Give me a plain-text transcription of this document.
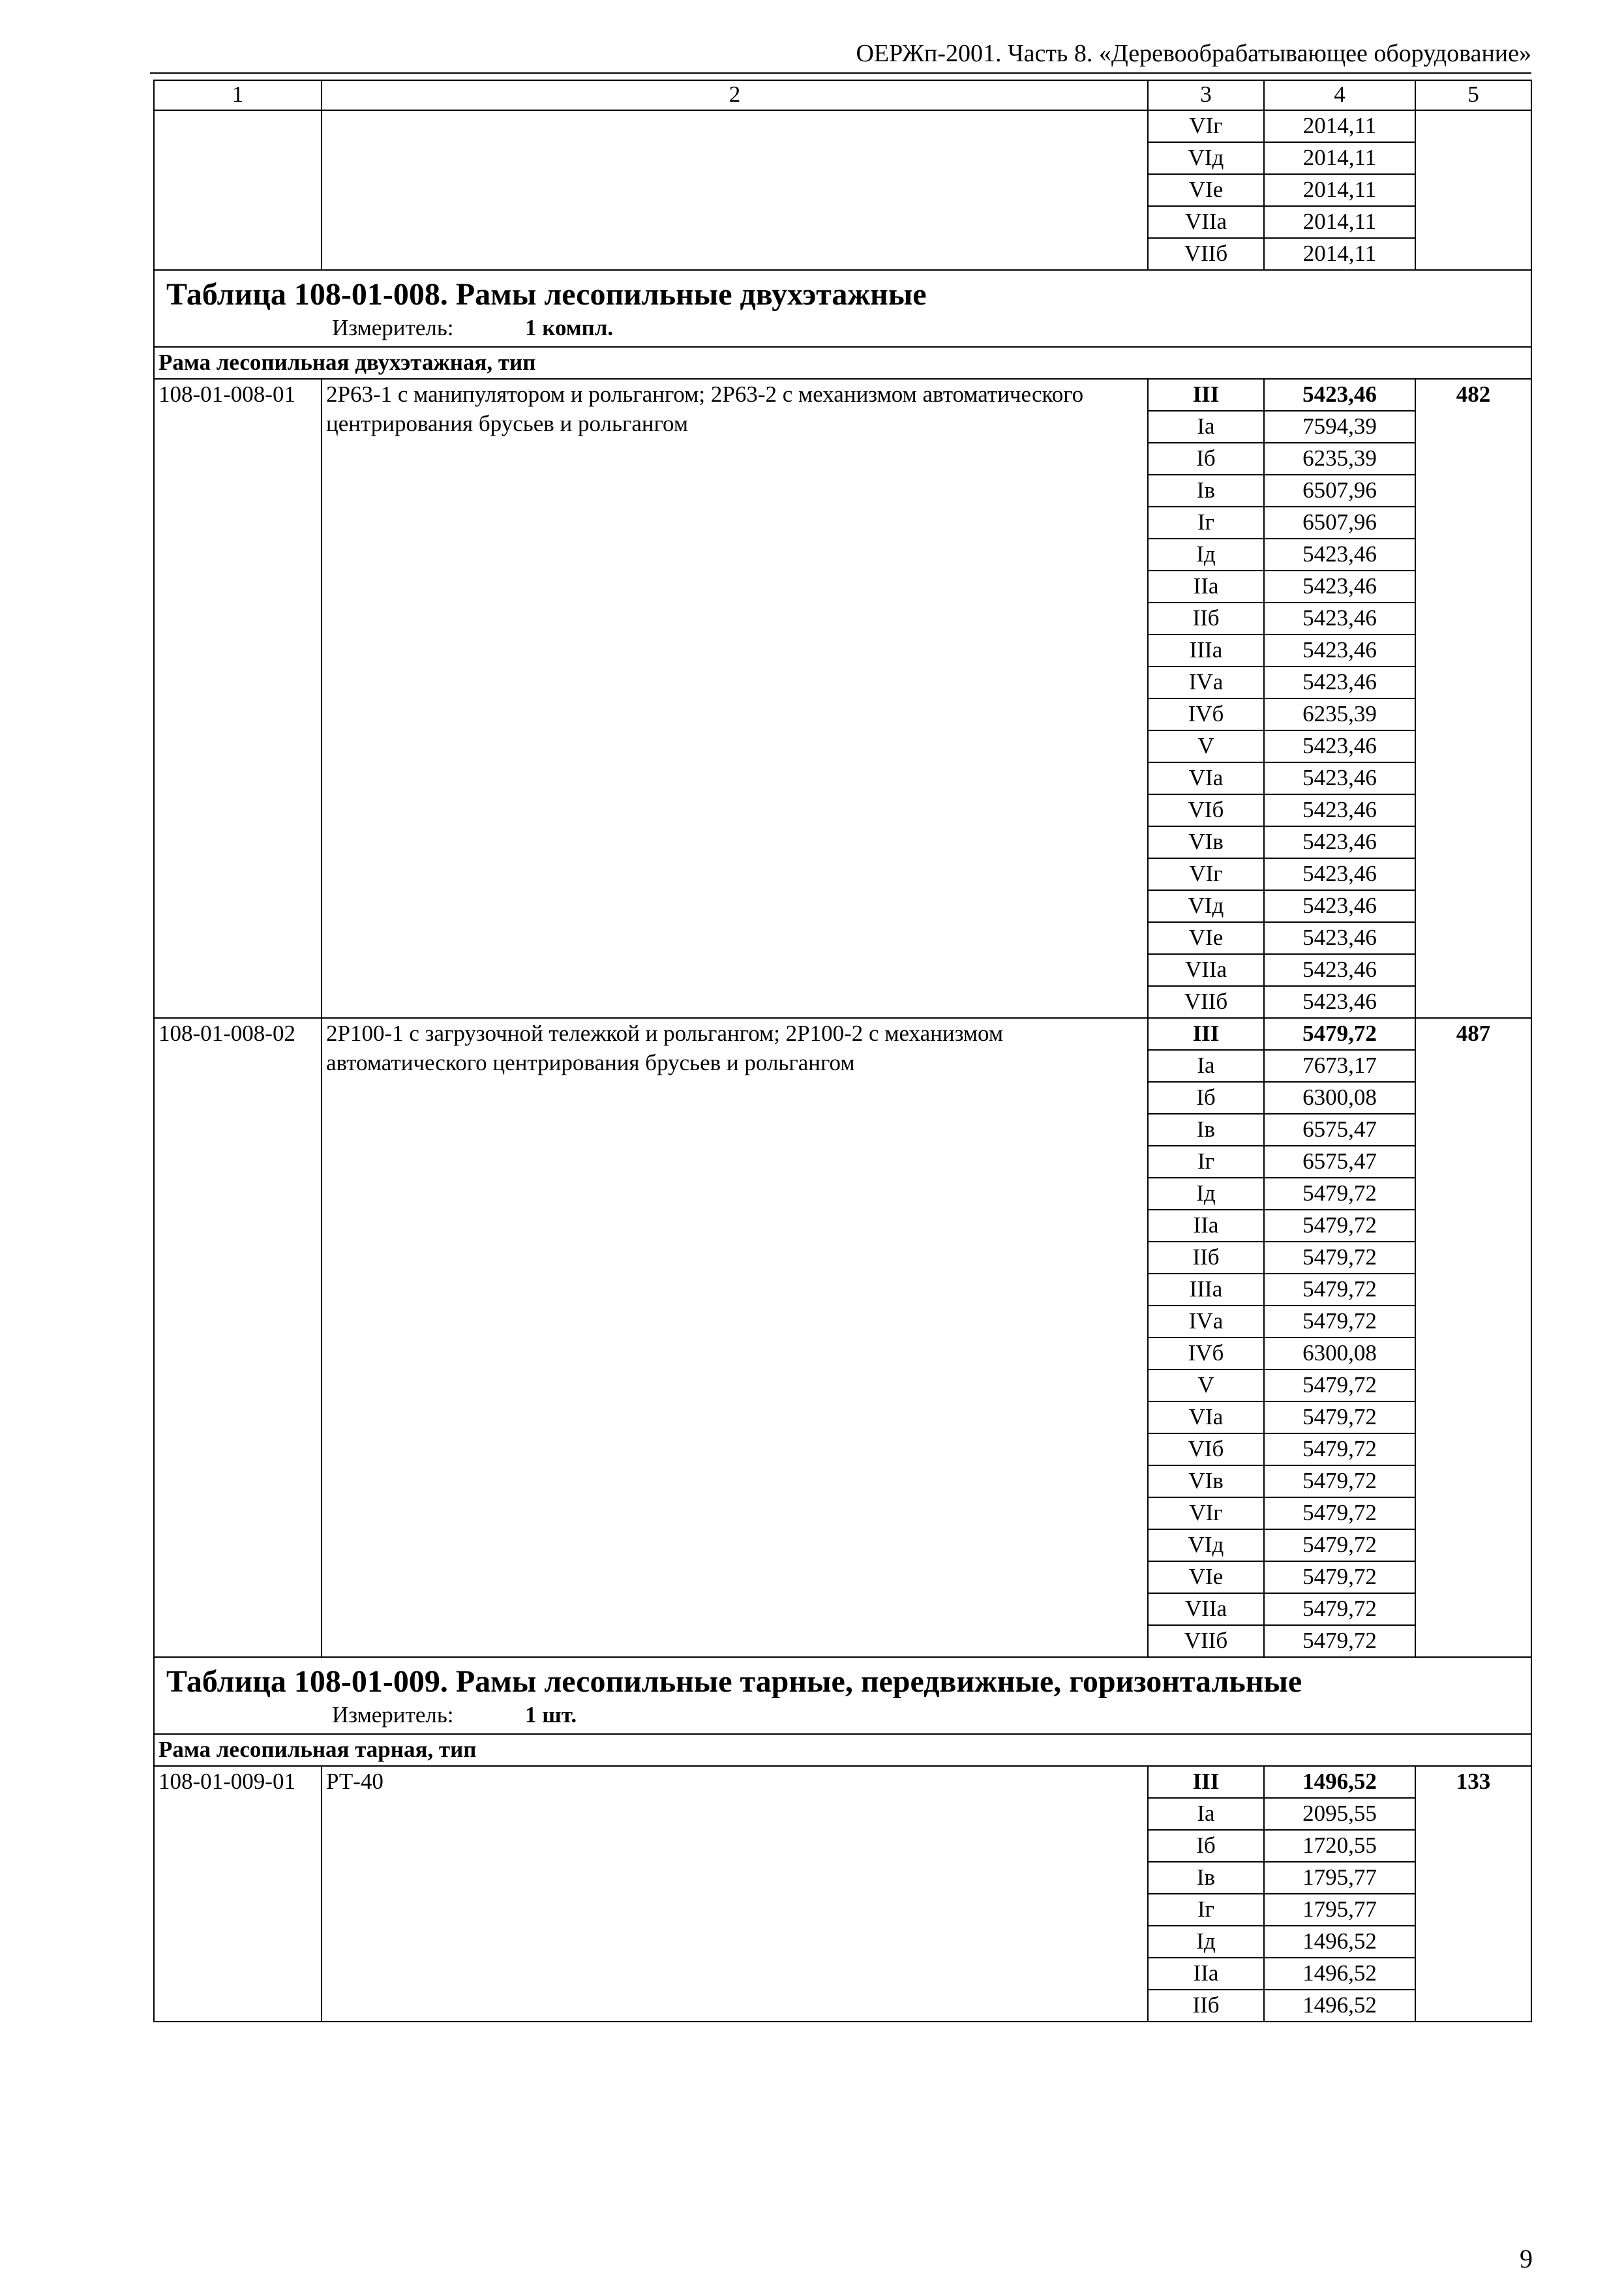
ОЕРЖп-2001. Часть 8. «Деревообрабатывающее оборудование»
1	2	3	4	5
		VIг	2014,11	
		VIд	2014,11	
		VIе	2014,11	
		VIIа	2014,11	
		VIIб	2014,11	

Таблица 108-01-008. Рамы лесопильные двухэтажные
Измеритель: 1 компл.				

Рама лесопильная двухэтажная, тип				
108-01-008-01	2Р63-1 с манипулятором и рольгангом; 2Р63-2 с механизмом автоматического центрирования брусьев и рольгангом	III	5423,46	482
		Iа	7594,39	
		Iб	6235,39	
		Iв	6507,96	
		Iг	6507,96	
		Iд	5423,46	
		IIа	5423,46	
		IIб	5423,46	
		IIIа	5423,46	
		IVа	5423,46	
		IVб	6235,39	
		V	5423,46	
		VIа	5423,46	
		VIб	5423,46	
		VIв	5423,46	
		VIг	5423,46	
		VIд	5423,46	
		VIе	5423,46	
		VIIа	5423,46	
		VIIб	5423,46	
108-01-008-02	2Р100-1 с загрузочной тележкой и рольгангом; 2Р100-2 с механизмом автоматического центрирования брусьев и рольгангом	III	5479,72	487
		Iа	7673,17	
		Iб	6300,08	
		Iв	6575,47	
		Iг	6575,47	
		Iд	5479,72	
		IIа	5479,72	
		IIб	5479,72	
		IIIа	5479,72	
		IVа	5479,72	
		IVб	6300,08	
		V	5479,72	
		VIа	5479,72	
		VIб	5479,72	
		VIв	5479,72	
		VIг	5479,72	
		VIд	5479,72	
		VIе	5479,72	
		VIIа	5479,72	
		VIIб	5479,72	

Таблица 108-01-009. Рамы лесопильные тарные, передвижные, горизонтальные
Измеритель: 1 шт.				

Рама лесопильная тарная, тип				
108-01-009-01	РТ-40	III	1496,52	133
		Iа	2095,55	
		Iб	1720,55	
		Iв	1795,77	
		Iг	1795,77	
		Iд	1496,52	
		IIа	1496,52	
		IIб	1496,52	
9
